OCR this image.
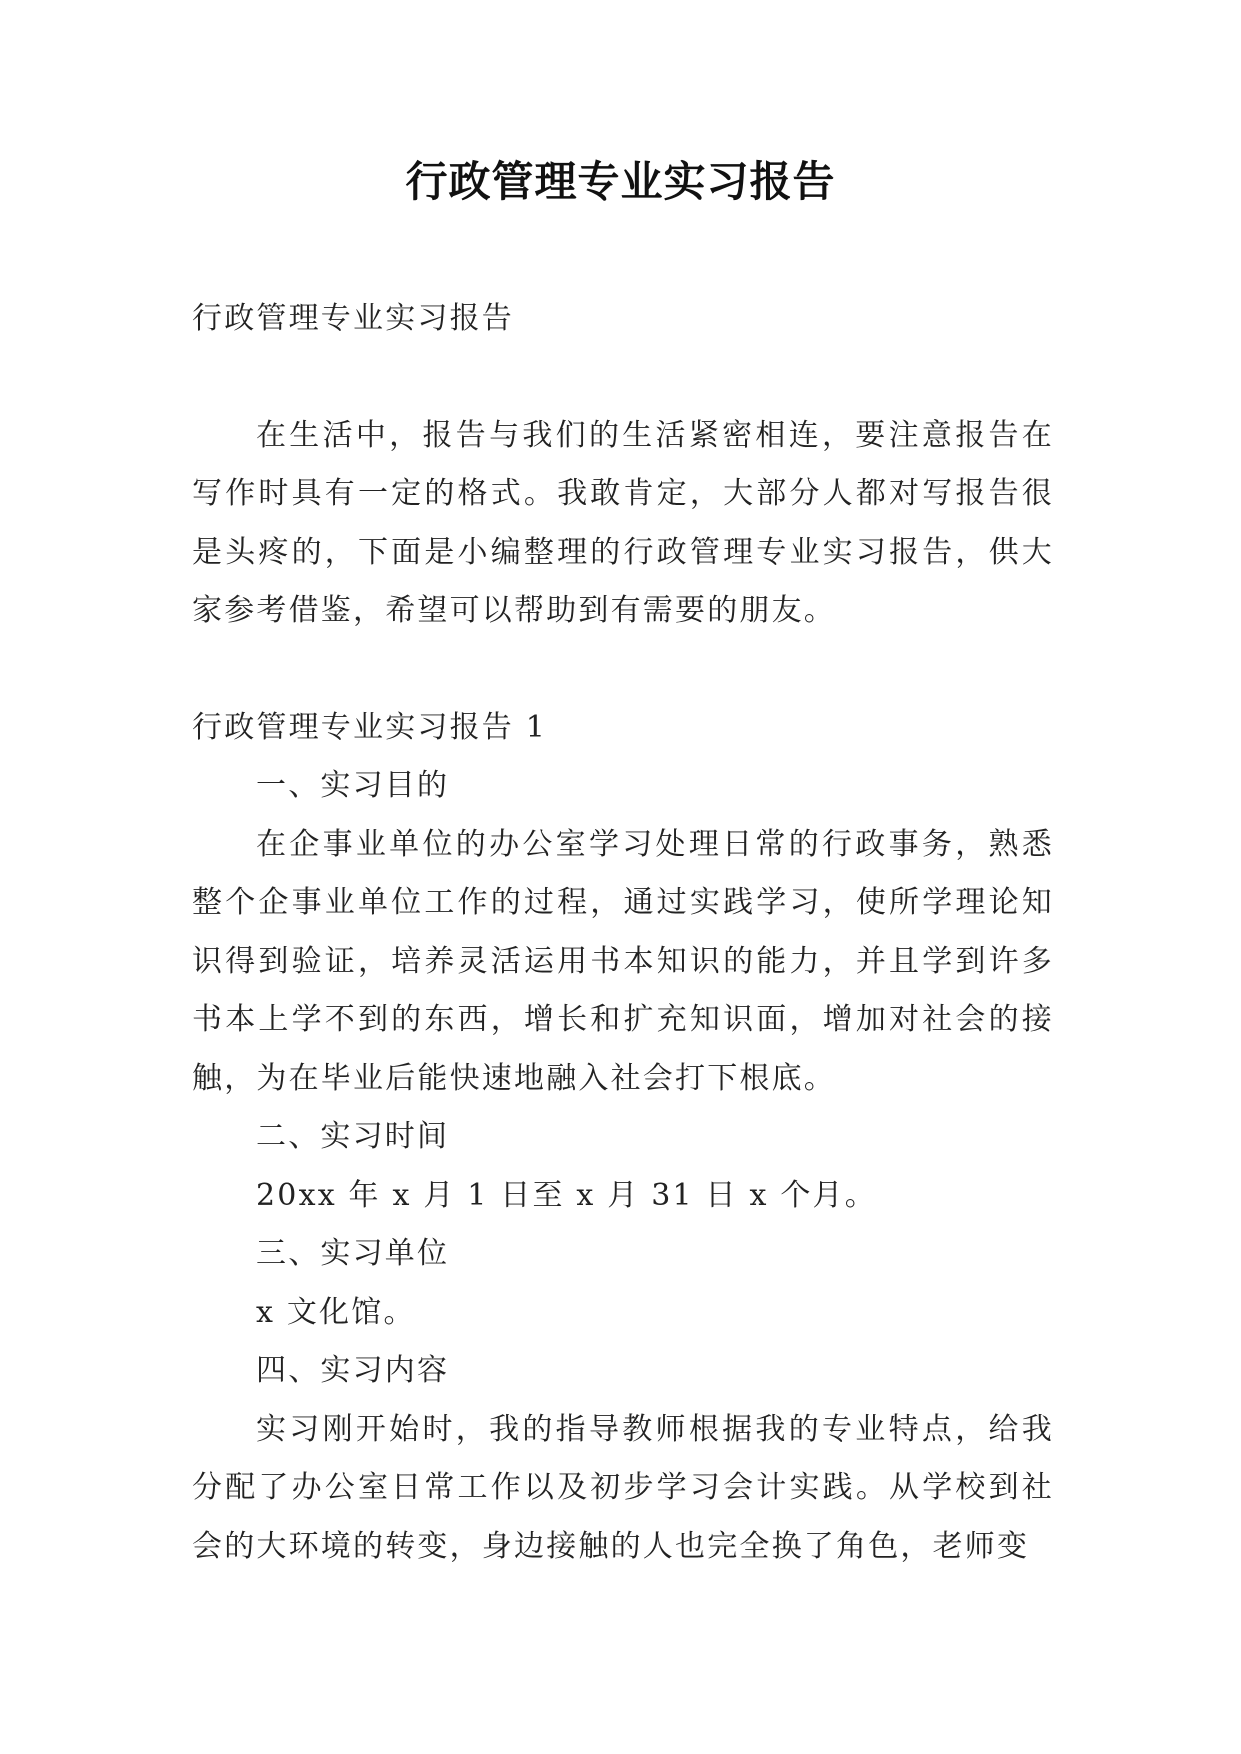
行政管理专业实习报告

行政管理专业实习报告

在生活中，报告与我们的生活紧密相连，要注意报告在写作时具有一定的格式。我敢肯定，大部分人都对写报告很是头疼的，下面是小编整理的行政管理专业实习报告，供大家参考借鉴，希望可以帮助到有需要的朋友。

行政管理专业实习报告 1

一、实习目的

在企事业单位的办公室学习处理日常的行政事务，熟悉整个企事业单位工作的过程，通过实践学习，使所学理论知识得到验证，培养灵活运用书本知识的能力，并且学到许多书本上学不到的东西，增长和扩充知识面，增加对社会的接触，为在毕业后能快速地融入社会打下根底。

二、实习时间

20xx 年 x 月 1 日至 x 月 31 日 x 个月。

三、实习单位

x 文化馆。

四、实习内容

实习刚开始时，我的指导教师根据我的专业特点，给我分配了办公室日常工作以及初步学习会计实践。从学校到社会的大环境的转变，身边接触的人也完全换了角色，老师变
